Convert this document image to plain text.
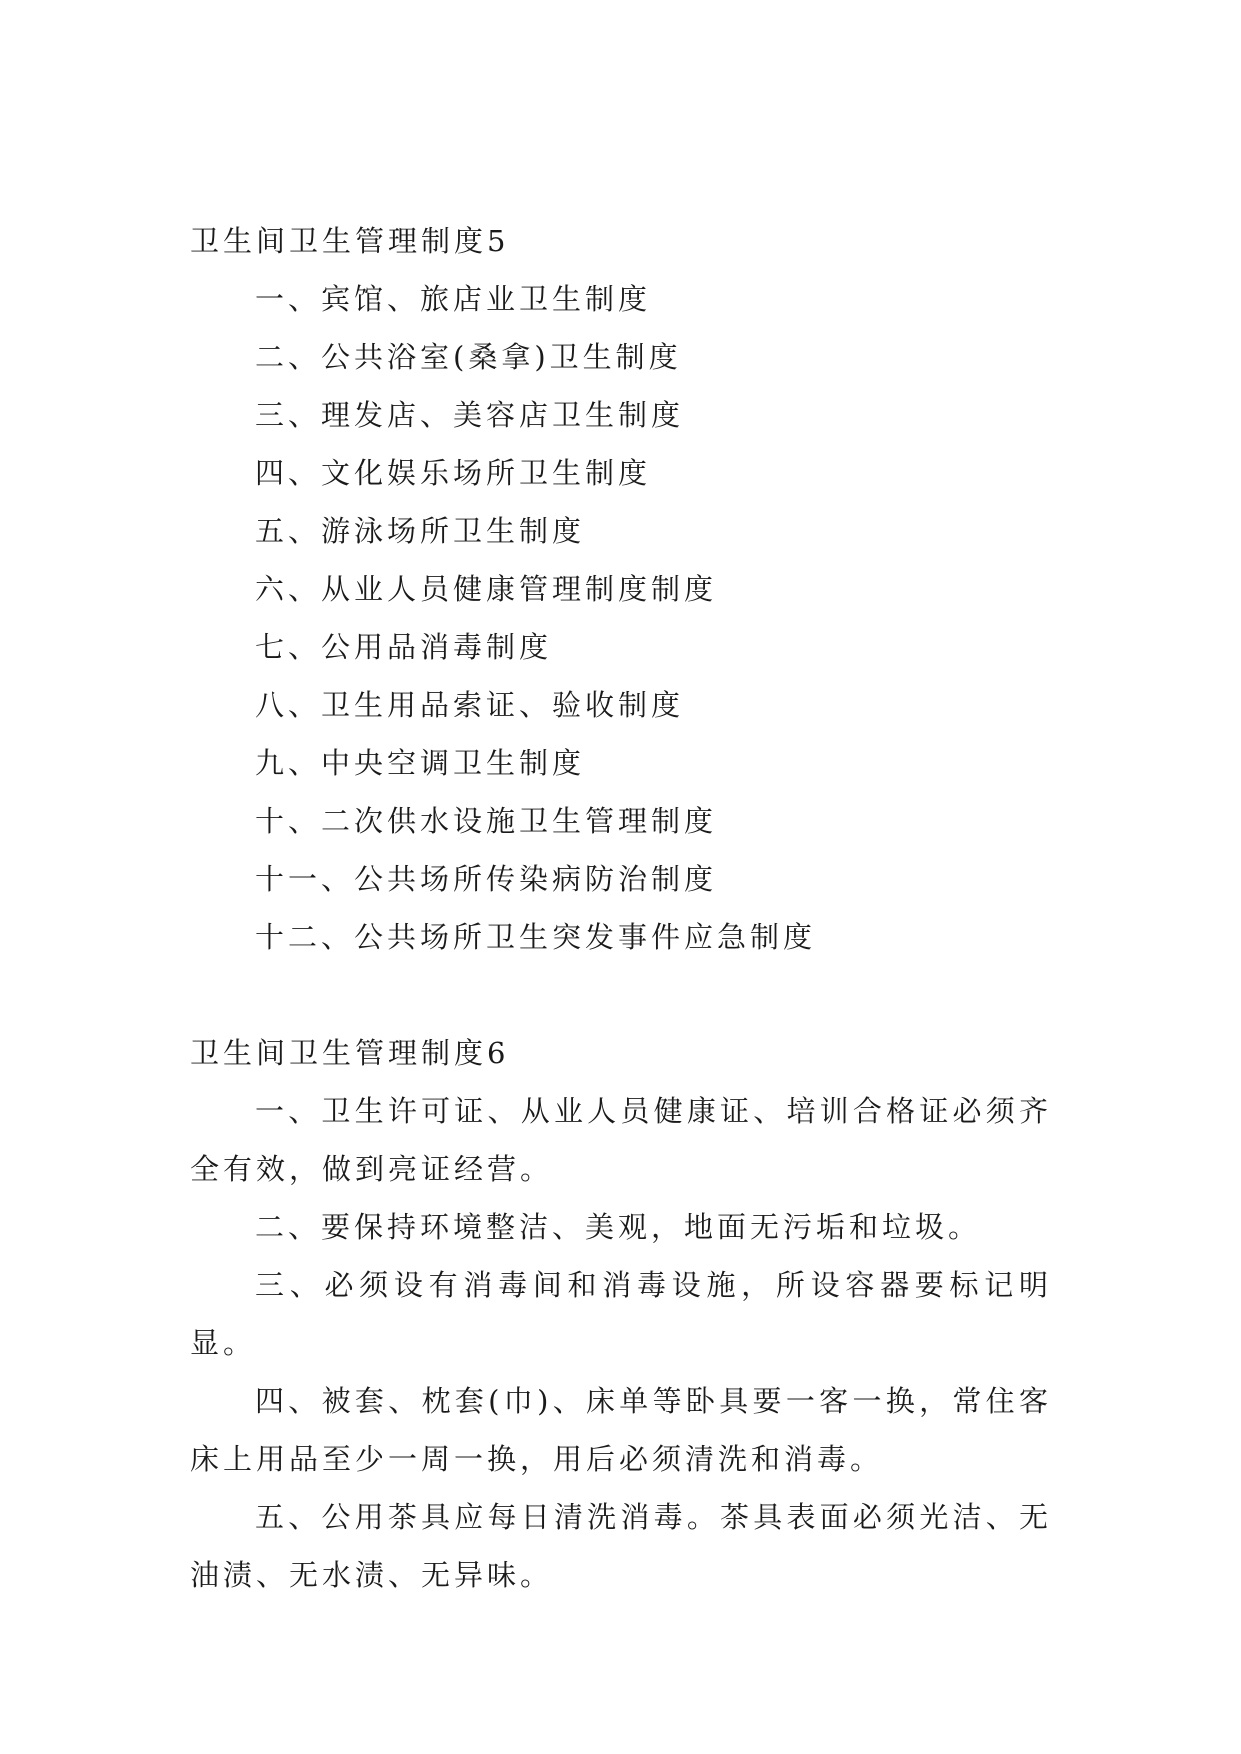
卫生间卫生管理制度5

一、宾馆、旅店业卫生制度

二、公共浴室(桑拿)卫生制度

三、理发店、美容店卫生制度

四、文化娱乐场所卫生制度

五、游泳场所卫生制度

六、从业人员健康管理制度制度

七、公用品消毒制度

八、卫生用品索证、验收制度

九、中央空调卫生制度

十、二次供水设施卫生管理制度

十一、公共场所传染病防治制度

十二、公共场所卫生突发事件应急制度

卫生间卫生管理制度6

一、卫生许可证、从业人员健康证、培训合格证必须齐全有效，做到亮证经营。

二、要保持环境整洁、美观，地面无污垢和垃圾。

三、必须设有消毒间和消毒设施，所设容器要标记明显。

四、被套、枕套(巾)、床单等卧具要一客一换，常住客床上用品至少一周一换，用后必须清洗和消毒。

五、公用茶具应每日清洗消毒。茶具表面必须光洁、无油渍、无水渍、无异味。
